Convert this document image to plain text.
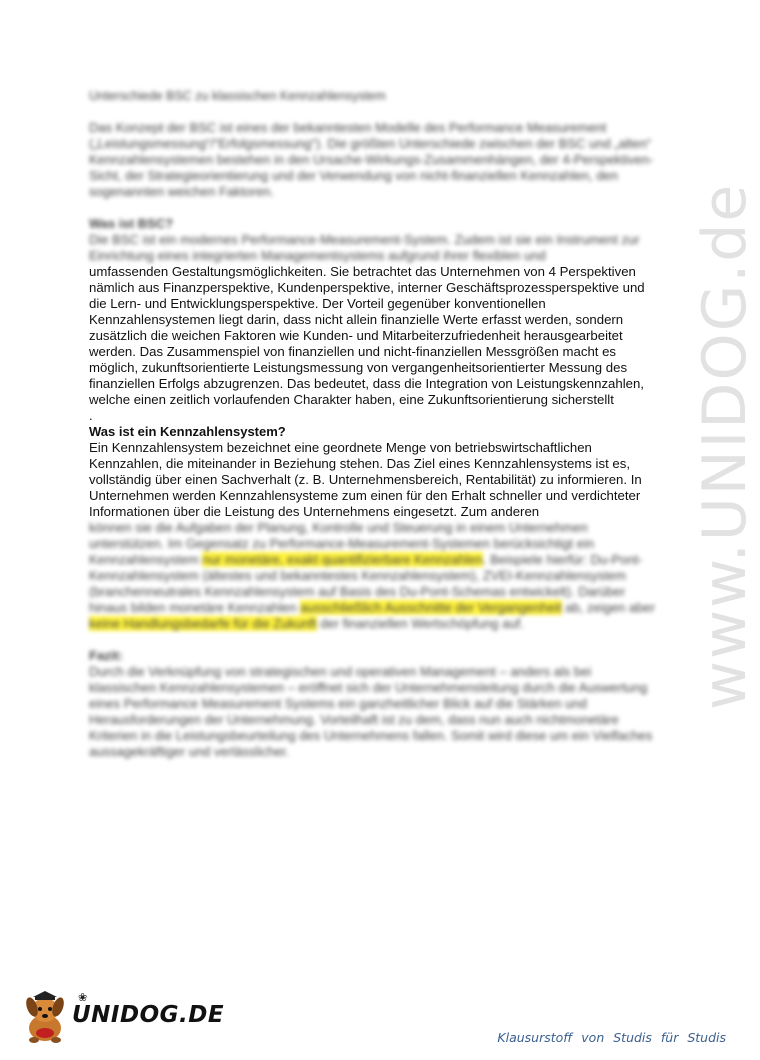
www.UNIDOG.de

Unterschiede BSC zu klassischen Kennzahlensystem

Das Konzept der BSC ist eines der bekanntesten Modelle des Performance Measurement („Leistungsmessung“/“Erfolgsmessung“). Die größten Unterschiede zwischen der BSC und „alten“ Kennzahlensystemen bestehen in den Ursache-Wirkungs-Zusammenhängen, der 4-Perspektiven-Sicht, der Strategieorientierung und der Verwendung von nicht-finanziellen Kennzahlen, den sogenannten weichen Faktoren.

Was ist BSC?

Die BSC ist ein modernes Performance-Measurement-System. Zudem ist sie ein Instrument zur Einrichtung eines integrierten Managementsystems aufgrund ihrer flexiblen und

umfassenden Gestaltungsmöglichkeiten. Sie betrachtet das Unternehmen von 4 Perspektiven nämlich aus Finanzperspektive, Kundenperspektive, interner Geschäftsprozessperspektive und die Lern- und Entwicklungsperspektive. Der Vorteil gegenüber konventionellen Kennzahlensystemen liegt darin, dass nicht allein finanzielle Werte erfasst werden, sondern zusätzlich die weichen Faktoren wie Kunden- und Mitarbeiterzufriedenheit herausgearbeitet werden. Das Zusammenspiel von finanziellen und nicht-finanziellen Messgrößen macht es möglich, zukunftsorientierte Leistungsmessung von vergangenheitsorientierter Messung des finanziellen Erfolgs abzugrenzen. Das bedeutet, dass die Integration von Leistungskennzahlen, welche einen zeitlich vorlaufenden Charakter haben, eine Zukunftsorientierung sicherstellt

.

Was ist ein Kennzahlensystem?

Ein Kennzahlensystem bezeichnet eine geordnete Menge von betriebswirtschaftlichen Kennzahlen, die miteinander in Beziehung stehen. Das Ziel eines Kennzahlensystems ist es, vollständig über einen Sachverhalt (z. B. Unternehmensbereich, Rentabilität) zu informieren. In Unternehmen werden Kennzahlensysteme zum einen für den Erhalt schneller und verdichteter Informationen über die Leistung des Unternehmens eingesetzt. Zum anderen

können sie die Aufgaben der Planung, Kontrolle und Steuerung in einem Unternehmen unterstützen. Im Gegensatz zu Performance-Measurement-Systemen berücksichtigt ein Kennzahlensystem nur monetäre, exakt quantifizierbare Kennzahlen. Beispiele hierfür: Du-Pont-Kennzahlensystem (ältestes und bekanntestes Kennzahlensystem), ZVEI-Kennzahlensystem (branchenneutrales Kennzahlensystem auf Basis des Du-Pont-Schemas entwickelt). Darüber hinaus bilden monetäre Kennzahlen ausschließlich Ausschnitte der Vergangenheit ab, zeigen aber keine Handlungsbedarfe für die Zukunft der finanziellen Wertschöpfung auf.

Fazit:

Durch die Verknüpfung von strategischen und operativen Management – anders als bei klassischen Kennzahlensystemen – eröffnet sich der Unternehmensleitung durch die Auswertung eines Performance Measurement Systems ein ganzheitlicher Blick auf die Stärken und Herausforderungen der Unternehmung. Vorteilhaft ist zu dem, dass nun auch nichtmonetäre Kriterien in die Leistungsbeurteilung des Unternehmens fallen. Somit wird diese um ein Vielfaches aussagekräftiger und verlässlicher.

❀
UNIDOG.DE
Klausurstoff von Studis für Studis
